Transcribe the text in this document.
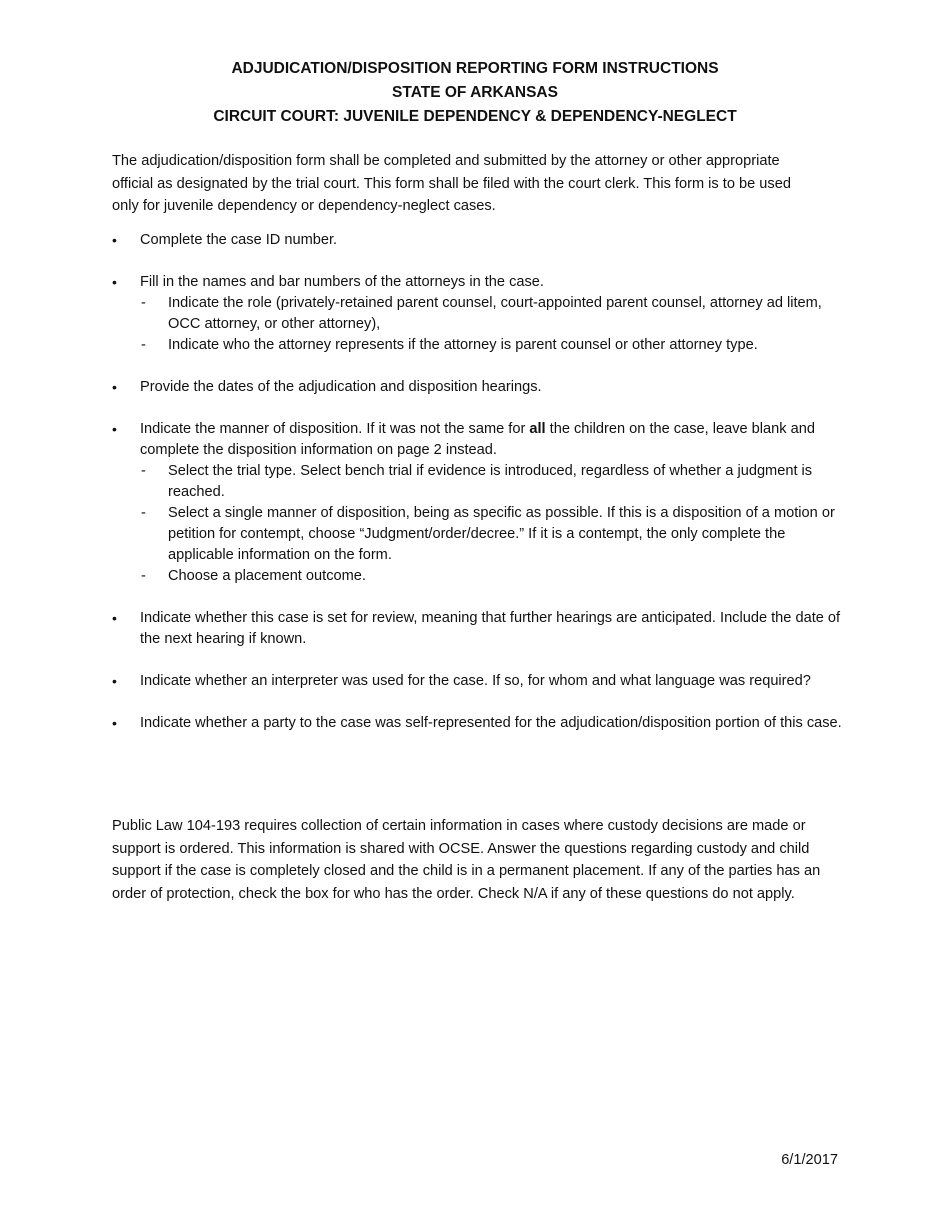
ADJUDICATION/DISPOSITION REPORTING FORM INSTRUCTIONS
STATE OF ARKANSAS
CIRCUIT COURT: JUVENILE DEPENDENCY & DEPENDENCY-NEGLECT

The adjudication/disposition form shall be completed and submitted by the attorney or other appropriate official as designated by the trial court. This form shall be filed with the court clerk. This form is to be used only for juvenile dependency or dependency-neglect cases.

•	Complete the case ID number.
•	Fill in the names and bar numbers of the attorneys in the case.
- Indicate the role (privately-retained parent counsel, court-appointed parent counsel, attorney ad litem, OCC attorney, or other attorney),
- Indicate who the attorney represents if the attorney is parent counsel or other attorney type.
•	Provide the dates of the adjudication and disposition hearings.
•	Indicate the manner of disposition. If it was not the same for all the children on the case, leave blank and complete the disposition information on page 2 instead.
- Select the trial type. Select bench trial if evidence is introduced, regardless of whether a judgment is reached.
- Select a single manner of disposition, being as specific as possible. If this is a disposition of a motion or petition for contempt, choose “Judgment/order/decree.” If it is a contempt, the only complete the applicable information on the form.
- Choose a placement outcome.
•	Indicate whether this case is set for review, meaning that further hearings are anticipated. Include the date of the next hearing if known.
•	Indicate whether an interpreter was used for the case. If so, for whom and what language was required?
•	Indicate whether a party to the case was self-represented for the adjudication/disposition portion of this case.

Public Law 104-193 requires collection of certain information in cases where custody decisions are made or support is ordered. This information is shared with OCSE. Answer the questions regarding custody and child support if the case is completely closed and the child is in a permanent placement. If any of the parties has an order of protection, check the box for who has the order. Check N/A if any of these questions do not apply.

6/1/2017
